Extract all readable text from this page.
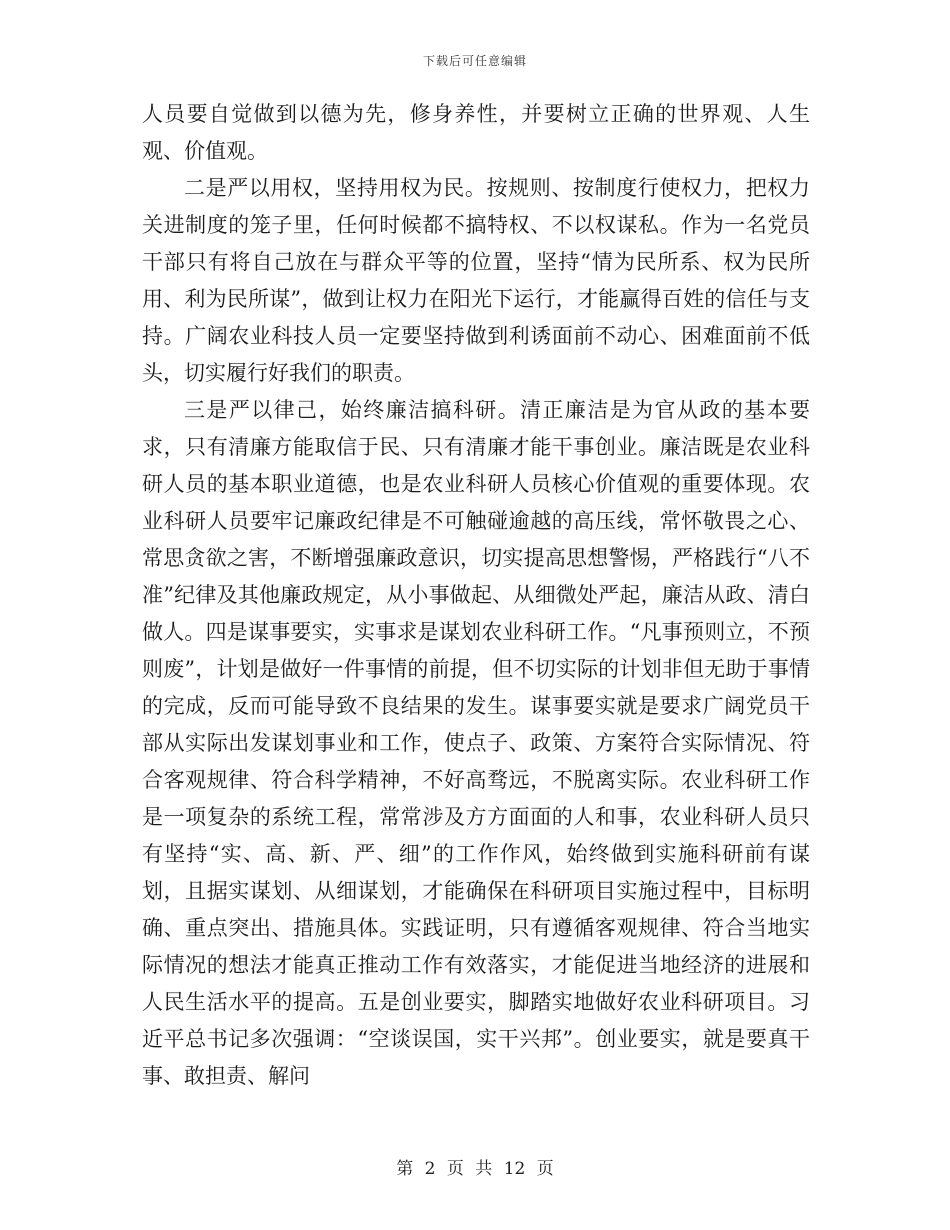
下载后可任意编辑

人员要自觉做到以德为先，修身养性，并要树立正确的世界观、人生观、价值观。

二是严以用权，坚持用权为民。按规则、按制度行使权力，把权力关进制度的笼子里，任何时候都不搞特权、不以权谋私。作为一名党员干部只有将自己放在与群众平等的位置，坚持“情为民所系、权为民所用、利为民所谋”，做到让权力在阳光下运行，才能赢得百姓的信任与支持。广阔农业科技人员一定要坚持做到利诱面前不动心、困难面前不低头，切实履行好我们的职责。

三是严以律己，始终廉洁搞科研。清正廉洁是为官从政的基本要求，只有清廉方能取信于民、只有清廉才能干事创业。廉洁既是农业科研人员的基本职业道德，也是农业科研人员核心价值观的重要体现。农业科研人员要牢记廉政纪律是不可触碰逾越的高压线，常怀敬畏之心、常思贪欲之害，不断增强廉政意识，切实提高思想警惕，严格践行“八不准”纪律及其他廉政规定，从小事做起、从细微处严起，廉洁从政、清白做人。四是谋事要实，实事求是谋划农业科研工作。“凡事预则立，不预则废”，计划是做好一件事情的前提，但不切实际的计划非但无助于事情的完成，反而可能导致不良结果的发生。谋事要实就是要求广阔党员干部从实际出发谋划事业和工作，使点子、政策、方案符合实际情况、符合客观规律、符合科学精神，不好高骛远，不脱离实际。农业科研工作是一项复杂的系统工程，常常涉及方方面面的人和事，农业科研人员只有坚持“实、高、新、严、细”的工作作风，始终做到实施科研前有谋划，且据实谋划、从细谋划，才能确保在科研项目实施过程中，目标明确、重点突出、措施具体。实践证明，只有遵循客观规律、符合当地实际情况的想法才能真正推动工作有效落实，才能促进当地经济的进展和人民生活水平的提高。五是创业要实，脚踏实地做好农业科研项目。习近平总书记多次强调：“空谈误国，实干兴邦”。创业要实，就是要真干事、敢担责、解问

第 2 页 共 12 页
